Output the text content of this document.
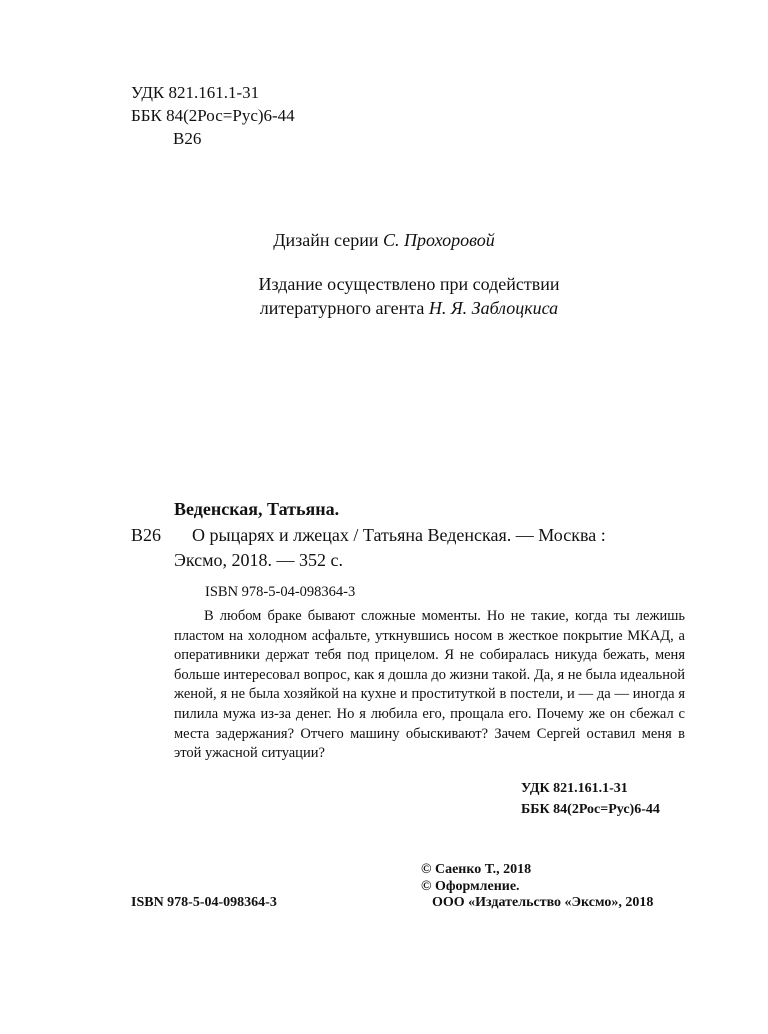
УДК 821.161.1-31
ББК 84(2Рос=Рус)6-44
В26
Дизайн серии С. Прохоровой
Издание осуществлено при содействии
литературного агента Н. Я. Заблоцкиса
Веденская, Татьяна.
В26 О рыцарях и лжецах / Татьяна Веденская. — Москва :
Эксмо, 2018. — 352 с.
ISBN 978-5-04-098364-3

В любом браке бывают сложные моменты. Но не такие, когда ты лежишь пластом на холодном асфальте, уткнувшись носом в жесткое покрытие МКАД, а оперативники держат тебя под прицелом. Я не собиралась никуда бежать, меня больше интересовал вопрос, как я дошла до жизни такой. Да, я не была идеальной женой, я не была хозяйкой на кухне и проституткой в постели, и — да — иногда я пилила мужа из-за денег. Но я любила его, прощала его. Почему же он сбежал с места задержания? Отчего машину обыскивают? Зачем Сергей оставил меня в этой ужасной ситуации?

УДК 821.161.1-31
ББК 84(2Рос=Рус)6-44
ISBN 978-5-04-098364-3
© Саенко Т., 2018
© Оформление.
ООО «Издательство «Эксмо», 2018
